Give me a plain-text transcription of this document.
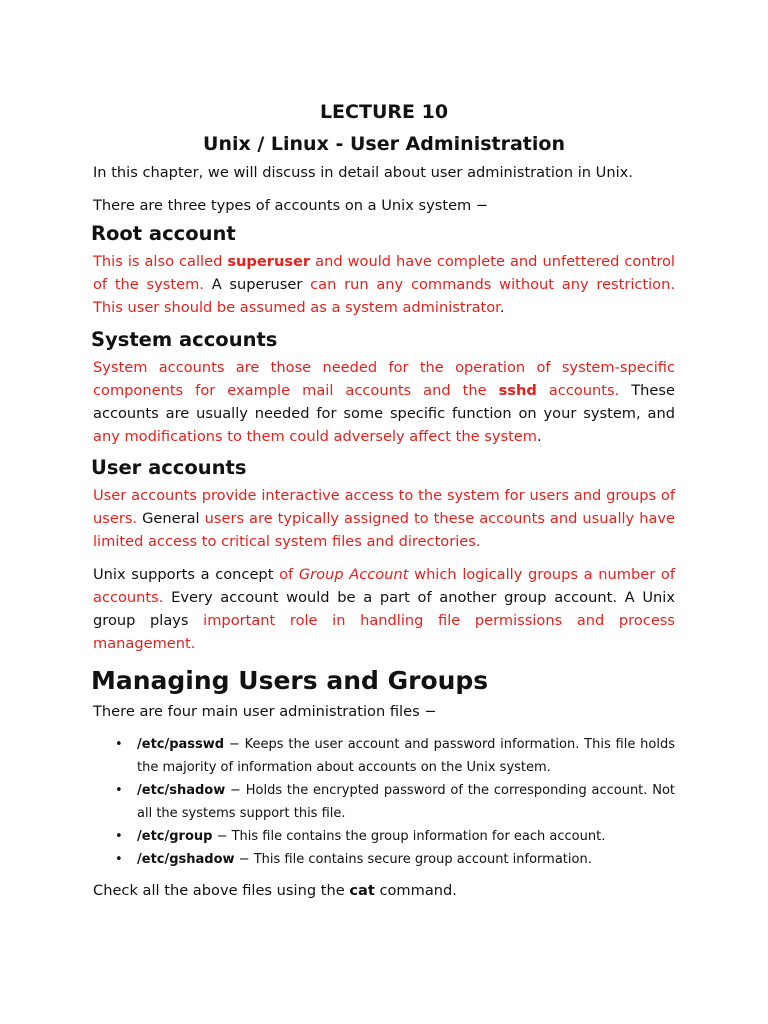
LECTURE 10
Unix / Linux - User Administration

In this chapter, we will discuss in detail about user administration in Unix.

There are three types of accounts on a Unix system −

Root account

This is also called superuser and would have complete and unfettered control of the system. A superuser can run any commands without any restriction. This user should be assumed as a system administrator.

System accounts

System accounts are those needed for the operation of system-specific components for example mail accounts and the sshd accounts. These accounts are usually needed for some specific function on your system, and any modifications to them could adversely affect the system.

User accounts

User accounts provide interactive access to the system for users and groups of users. General users are typically assigned to these accounts and usually have limited access to critical system files and directories.

Unix supports a concept of Group Account which logically groups a number of accounts. Every account would be a part of another group account. A Unix group plays important role in handling file permissions and process management.

Managing Users and Groups

There are four main user administration files −

• /etc/passwd − Keeps the user account and password information. This file holds the majority of information about accounts on the Unix system.
• /etc/shadow − Holds the encrypted password of the corresponding account. Not all the systems support this file.
• /etc/group − This file contains the group information for each account.
• /etc/gshadow − This file contains secure group account information.

Check all the above files using the cat command.
